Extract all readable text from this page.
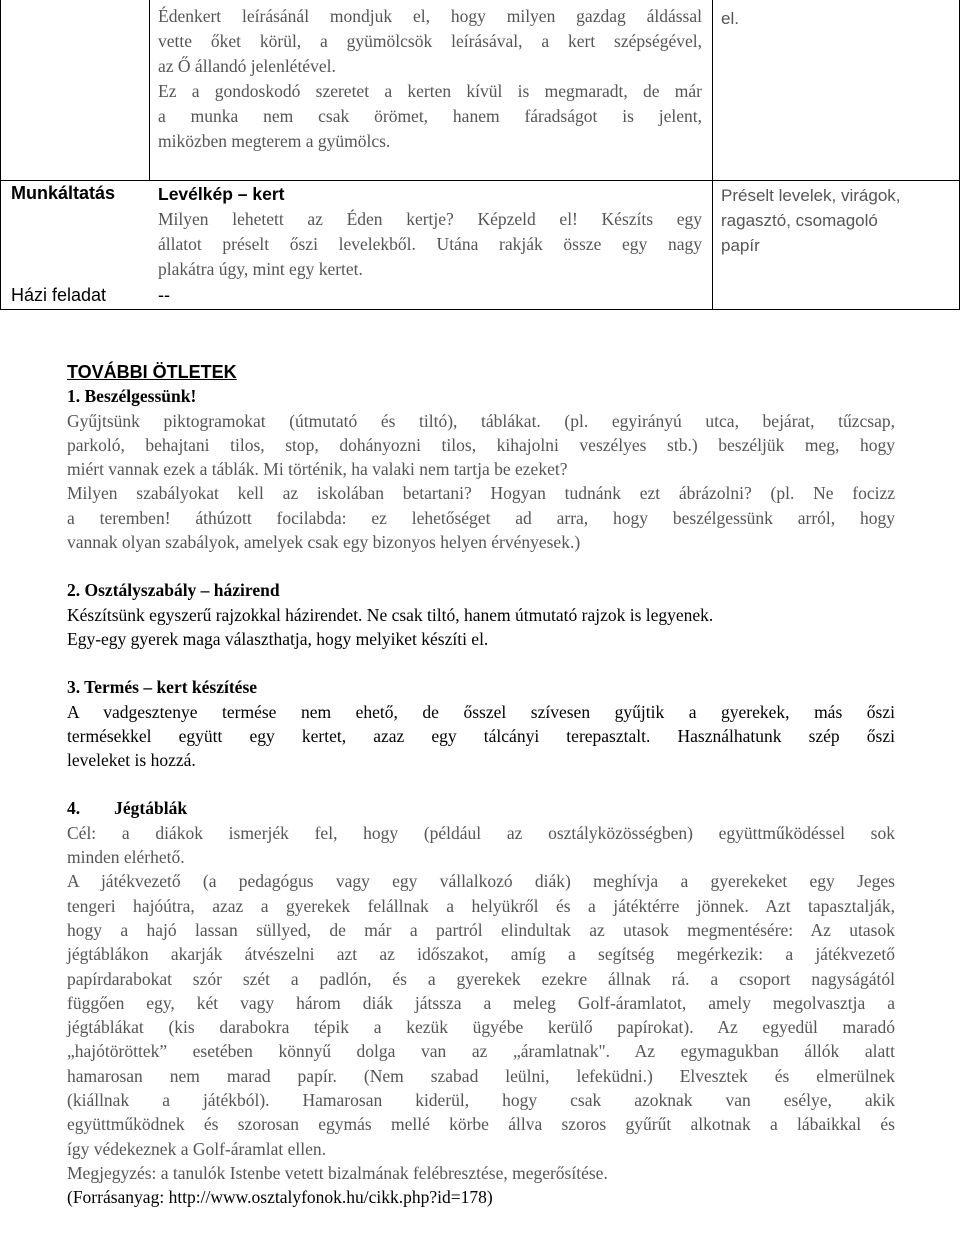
Édenkert leírásánál mondjuk el, hogy milyen gazdag áldással
vette őket körül, a gyümölcsök leírásával, a kert szépségével,
az Ő állandó jelenlétével.
Ez a gondoskodó szeretet a kerten kívül is megmaradt, de már
a munka nem csak örömet, hanem fáradságot is jelent,
miközben megterem a gyümölcs.
el.
Munkáltatás Levélkép – kert
Milyen lehetett az Éden kertje? Képzeld el! Készíts egy
állatot préselt őszi levelekből. Utána rakják össze egy nagy
plakátra úgy, mint egy kertet.
Préselt levelek, virágok,
ragasztó, csomagoló
papír
Házi feladat	--

TOVÁBBI ÖTLETEK

1. Beszélgessünk!

Gyűjtsünk piktogramokat (útmutató és tiltó), táblákat. (pl. egyirányú utca, bejárat, tűzcsap,
parkoló, behajtani tilos, stop, dohányozni tilos, kihajolni veszélyes stb.) beszéljük meg, hogy
miért vannak ezek a táblák. Mi történik, ha valaki nem tartja be ezeket?
Milyen szabályokat kell az iskolában betartani? Hogyan tudnánk ezt ábrázolni? (pl. Ne focizz
a teremben! áthúzott focilabda: ez lehetőséget ad arra, hogy beszélgessünk arról, hogy
vannak olyan szabályok, amelyek csak egy bizonyos helyen érvényesek.)

2. Osztályszabály – házirend

Készítsünk egyszerű rajzokkal házirendet. Ne csak tiltó, hanem útmutató rajzok is legyenek.
Egy-egy gyerek maga választhatja, hogy melyiket készíti el.

3. Termés – kert készítése

A vadgesztenye termése nem ehető, de ősszel szívesen gyűjtik a gyerekek, más őszi
termésekkel együtt egy kertet, azaz egy tálcányi terepasztalt. Használhatunk szép őszi
leveleket is hozzá.

4. Jégtáblák

Cél: a diákok ismerjék fel, hogy (például az osztályközösségben) együttműködéssel sok
minden elérhető.
A játékvezető (a pedagógus vagy egy vállalkozó diák) meghívja a gyerekeket egy Jeges
tengeri hajóútra, azaz a gyerekek felállnak a helyükről és a játéktérre jönnek. Azt tapasztalják,
hogy a hajó lassan süllyed, de már a partról elindultak az utasok megmentésére: Az utasok
jégtáblákon akarják átvészelni azt az időszakot, amíg a segítség megérkezik: a játékvezető
papírdarabokat szór szét a padlón, és a gyerekek ezekre állnak rá. a csoport nagyságától
függően egy, két vagy három diák játssza a meleg Golf-áramlatot, amely megolvasztja a
jégtáblákat (kis darabokra tépik a kezük ügyébe kerülő papírokat). Az egyedül maradó
„hajótöröttek” esetében könnyű dolga van az „áramlatnak". Az egymagukban állók alatt
hamarosan nem marad papír. (Nem szabad leülni, lefeküdni.) Elvesztek és elmerülnek
(kiállnak a játékból). Hamarosan kiderül, hogy csak azoknak van esélye, akik
együttműködnek és szorosan egymás mellé körbe állva szoros gyűrűt alkotnak a lábaikkal és
így védekeznek a Golf-áramlat ellen.

Megjegyzés: a tanulók Istenbe vetett bizalmának felébresztése, megerősítése.

(Forrásanyag: http://www.osztalyfonok.hu/cikk.php?id=178)
